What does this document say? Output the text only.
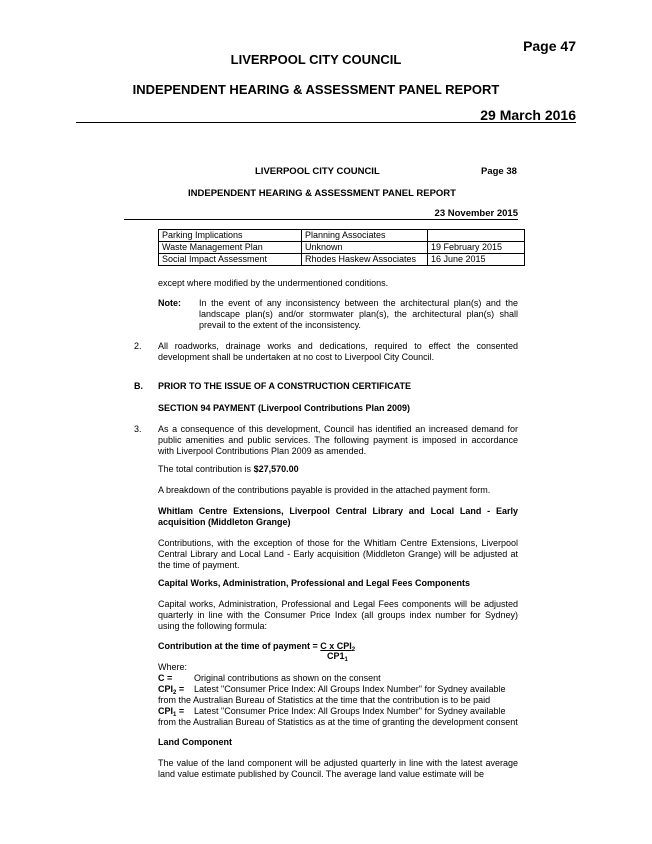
Page 47
LIVERPOOL CITY COUNCIL
INDEPENDENT HEARING & ASSESSMENT PANEL REPORT
29 March 2016
LIVERPOOL CITY COUNCIL	Page 38
INDEPENDENT HEARING & ASSESSMENT PANEL REPORT
23 November 2015
Parking Implications	Planning Associates	
Waste Management Plan	Unknown	19 February 2015
Social Impact Assessment	Rhodes Haskew Associates	16 June 2015
except where modified by the undermentioned conditions.
Note: In the event of any inconsistency between the architectural plan(s) and the landscape plan(s) and/or stormwater plan(s), the architectural plan(s) shall prevail to the extent of the inconsistency.
2. All roadworks, drainage works and dedications, required to effect the consented development shall be undertaken at no cost to Liverpool City Council.
B. PRIOR TO THE ISSUE OF A CONSTRUCTION CERTIFICATE
SECTION 94 PAYMENT (Liverpool Contributions Plan 2009)
3. As a consequence of this development, Council has identified an increased demand for public amenities and public services. The following payment is imposed in accordance with Liverpool Contributions Plan 2009 as amended.
The total contribution is $27,570.00
A breakdown of the contributions payable is provided in the attached payment form.
Whitlam Centre Extensions, Liverpool Central Library and Local Land - Early acquisition (Middleton Grange)
Contributions, with the exception of those for the Whitlam Centre Extensions, Liverpool Central Library and Local Land - Early acquisition (Middleton Grange) will be adjusted at the time of payment.
Capital Works, Administration, Professional and Legal Fees Components
Capital works, Administration, Professional and Legal Fees components will be adjusted quarterly in line with the Consumer Price Index (all groups index number for Sydney) using the following formula:
Contribution at the time of payment = C x $CPI_2$
$CP1_1$
Where:
C = Original contributions as shown on the consent
$CPI_2$ = Latest "Consumer Price Index: All Groups Index Number" for Sydney available
from the Australian Bureau of Statistics at the time that the contribution is to be paid
$CPI_1$ = Latest "Consumer Price Index: All Groups Index Number" for Sydney available
from the Australian Bureau of Statistics as at the time of granting the development consent
Land Component
The value of the land component will be adjusted quarterly in line with the latest average land value estimate published by Council. The average land value estimate will be
